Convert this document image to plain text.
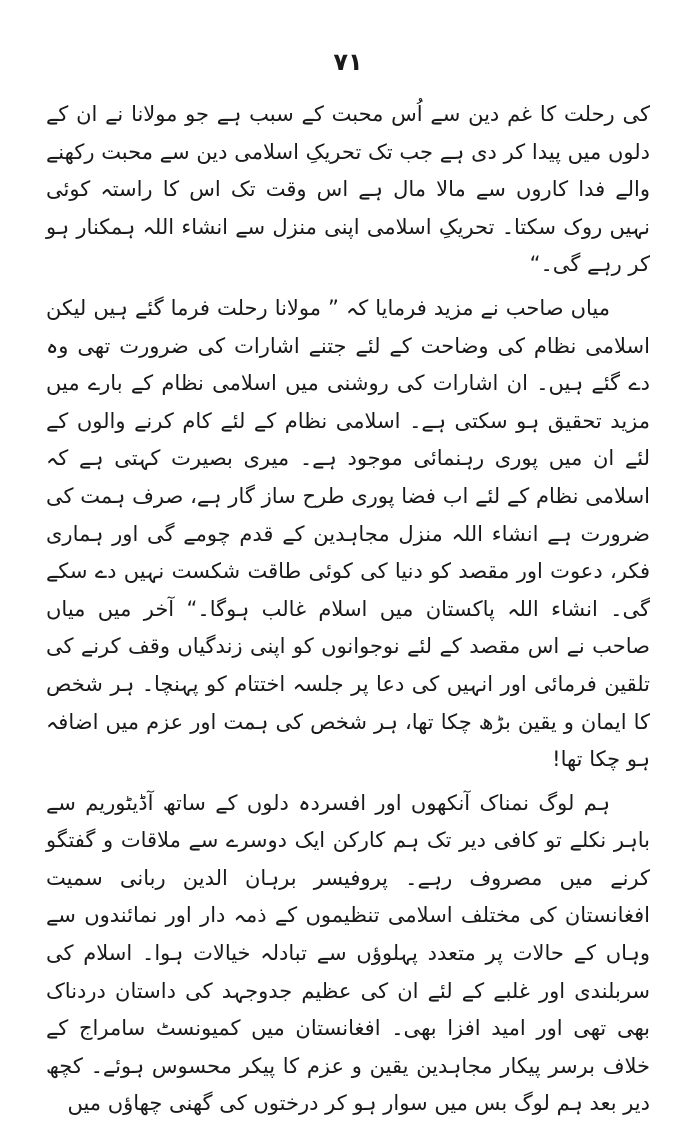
۷۱

کی رحلت کا غم دین سے اُس محبت کے سبب ہے جو مولانا نے ان کے دلوں میں پیدا کر دی ہے جب تک تحریکِ اسلامی دین سے محبت رکھنے والے فدا کاروں سے مالا مال ہے اس وقت تک اس کا راستہ کوئی نہیں روک سکتا۔ تحریکِ اسلامی اپنی منزل سے انشاء اللہ ہمکنار ہو کر رہے گی۔“

میاں صاحب نے مزید فرمایا کہ ” مولانا رحلت فرما گئے ہیں لیکن اسلامی نظام کی وضاحت کے لئے جتنے اشارات کی ضرورت تھی وہ دے گئے ہیں۔ ان اشارات کی روشنی میں اسلامی نظام کے بارے میں مزید تحقیق ہو سکتی ہے۔ اسلامی نظام کے لئے کام کرنے والوں کے لئے ان میں پوری رہنمائی موجود ہے۔ میری بصیرت کہتی ہے کہ اسلامی نظام کے لئے اب فضا پوری طرح ساز گار ہے، صرف ہمت کی ضرورت ہے انشاء اللہ منزل مجاہدین کے قدم چومے گی اور ہماری فکر، دعوت اور مقصد کو دنیا کی کوئی طاقت شکست نہیں دے سکے گی۔ انشاء اللہ پاکستان میں اسلام غالب ہوگا۔“ آخر میں میاں صاحب نے اس مقصد کے لئے نوجوانوں کو اپنی زندگیاں وقف کرنے کی تلقین فرمائی اور انہیں کی دعا پر جلسہ اختتام کو پہنچا۔ ہر شخص کا ایمان و یقین بڑھ چکا تھا، ہر شخص کی ہمت اور عزم میں اضافہ ہو چکا تھا!

ہم لوگ نمناک آنکھوں اور افسردہ دلوں کے ساتھ آڈیٹوریم سے باہر نکلے تو کافی دیر تک ہم کارکن ایک دوسرے سے ملاقات و گفتگو کرنے میں مصروف رہے۔ پروفیسر برہان الدین ربانی سمیت افغانستان کی مختلف اسلامی تنظیموں کے ذمہ دار اور نمائندوں سے وہاں کے حالات پر متعدد پہلوؤں سے تبادلہ خیالات ہوا۔ اسلام کی سربلندی اور غلبے کے لئے ان کی عظیم جدوجہد کی داستان دردناک بھی تھی اور امید افزا بھی۔ افغانستان میں کمیونسٹ سامراج کے خلاف برسر پیکار مجاہدین یقین و عزم کا پیکر محسوس ہوئے۔ کچھ دیر بعد ہم لوگ بس میں سوار ہو کر درختوں کی گھنی چھاؤں میں
